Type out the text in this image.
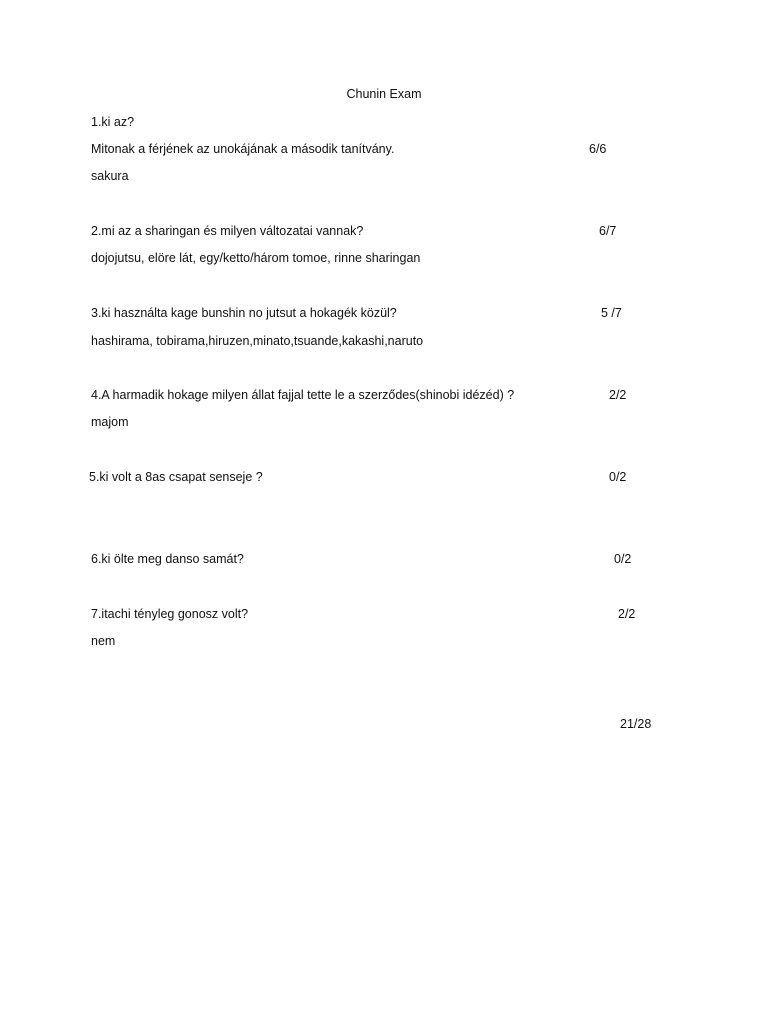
Chunin Exam
1.ki az?
Mitonak a férjének az unokájának a második tanítvány.	6/6
sakura
2.mi az a sharingan és milyen változatai vannak?	6/7
dojojutsu, elöre lát, egy/ketto/három tomoe, rinne sharingan
3.ki használta kage bunshin no jutsut a hokagék közül?	5 /7
hashirama, tobirama,hiruzen,minato,tsuande,kakashi,naruto
4.A harmadik hokage milyen állat fajjal tette le a szerződes(shinobi idézéd) ?	2/2
majom
5.ki volt a 8as csapat senseje ?	0/2
6.ki ölte meg danso samát?	0/2
7.itachi tényleg gonosz volt?	2/2
nem
21/28
